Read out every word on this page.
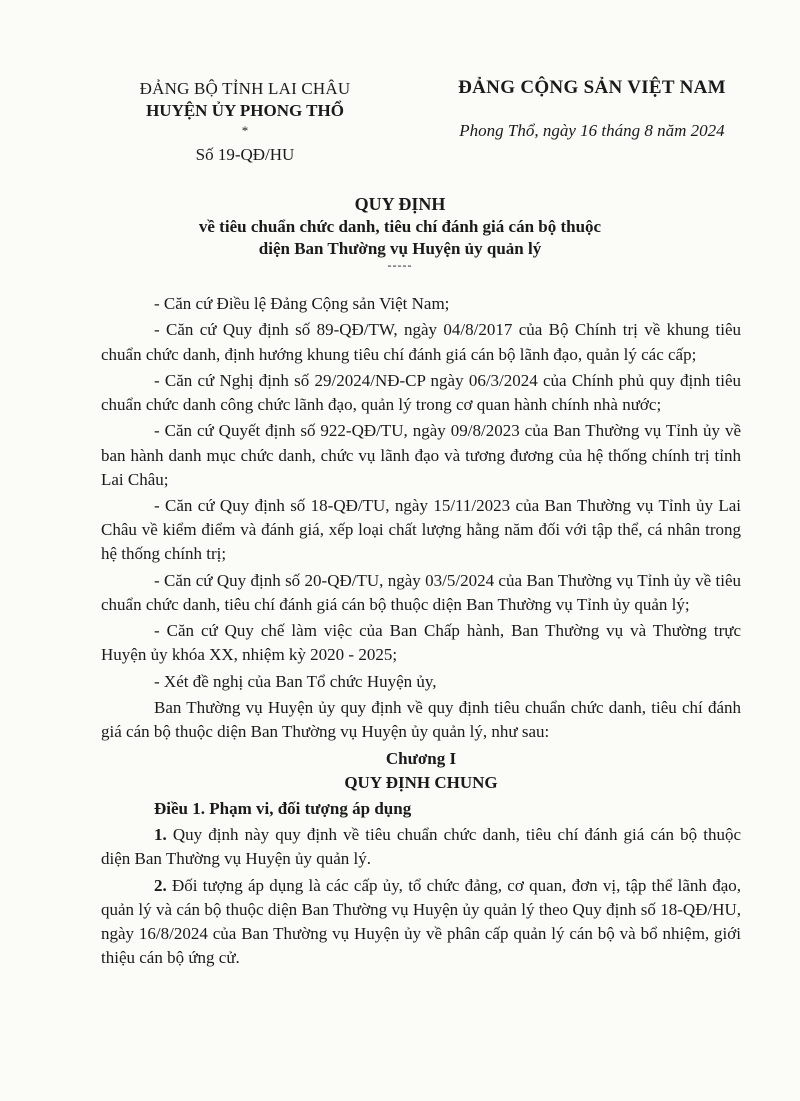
ĐẢNG BỘ TỈNH LAI CHÂU
HUYỆN ỦY PHONG THỔ
*
Số 19-QĐ/HU
ĐẢNG CỘNG SẢN VIỆT NAM
Phong Thổ, ngày 16 tháng 8 năm 2024
QUY ĐỊNH
về tiêu chuẩn chức danh, tiêu chí đánh giá cán bộ thuộc
diện Ban Thường vụ Huyện ủy quản lý
-----

- Căn cứ Điều lệ Đảng Cộng sản Việt Nam;

- Căn cứ Quy định số 89-QĐ/TW, ngày 04/8/2017 của Bộ Chính trị về khung tiêu chuẩn chức danh, định hướng khung tiêu chí đánh giá cán bộ lãnh đạo, quản lý các cấp;

- Căn cứ Nghị định số 29/2024/NĐ-CP ngày 06/3/2024 của Chính phủ quy định tiêu chuẩn chức danh công chức lãnh đạo, quản lý trong cơ quan hành chính nhà nước;

- Căn cứ Quyết định số 922-QĐ/TU, ngày 09/8/2023 của Ban Thường vụ Tỉnh ủy về ban hành danh mục chức danh, chức vụ lãnh đạo và tương đương của hệ thống chính trị tỉnh Lai Châu;

- Căn cứ Quy định số 18-QĐ/TU, ngày 15/11/2023 của Ban Thường vụ Tỉnh ủy Lai Châu về kiểm điểm và đánh giá, xếp loại chất lượng hằng năm đối với tập thể, cá nhân trong hệ thống chính trị;

- Căn cứ Quy định số 20-QĐ/TU, ngày 03/5/2024 của Ban Thường vụ Tỉnh ủy về tiêu chuẩn chức danh, tiêu chí đánh giá cán bộ thuộc diện Ban Thường vụ Tỉnh ủy quản lý;

- Căn cứ Quy chế làm việc của Ban Chấp hành, Ban Thường vụ và Thường trực Huyện ủy khóa XX, nhiệm kỳ 2020 - 2025;

- Xét đề nghị của Ban Tổ chức Huyện ủy,

Ban Thường vụ Huyện ủy quy định về quy định tiêu chuẩn chức danh, tiêu chí đánh giá cán bộ thuộc diện Ban Thường vụ Huyện ủy quản lý, như sau:

Chương I

QUY ĐỊNH CHUNG

Điều 1. Phạm vi, đối tượng áp dụng

1. Quy định này quy định về tiêu chuẩn chức danh, tiêu chí đánh giá cán bộ thuộc diện Ban Thường vụ Huyện ủy quản lý.

2. Đối tượng áp dụng là các cấp ủy, tổ chức đảng, cơ quan, đơn vị, tập thể lãnh đạo, quản lý và cán bộ thuộc diện Ban Thường vụ Huyện ủy quản lý theo Quy định số 18-QĐ/HU, ngày 16/8/2024 của Ban Thường vụ Huyện ủy về phân cấp quản lý cán bộ và bổ nhiệm, giới thiệu cán bộ ứng cử.
